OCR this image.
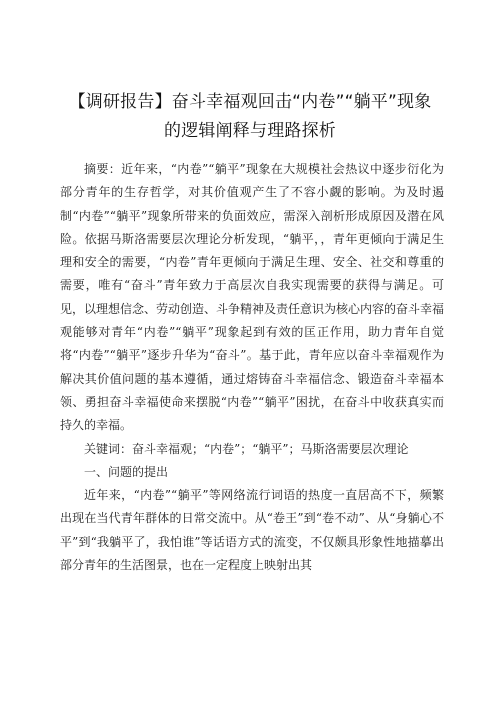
【调研报告】奋斗幸福观回击“内卷”“躺平”现象
的逻辑阐释与理路探析

摘要：近年来，“内卷”“躺平”现象在大规模社会热议中逐步衍化为部分青年的生存哲学，对其价值观产生了不容小觑的影响。为及时遏制“内卷”“躺平”现象所带来的负面效应，需深入剖析形成原因及潜在风险。依据马斯洛需要层次理论分析发现，“躺平，，青年更倾向于满足生理和安全的需要，“内卷”青年更倾向于满足生理、安全、社交和尊重的需要，唯有“奋斗”青年致力于高层次自我实现需要的获得与满足。可见，以理想信念、劳动创造、斗争精神及责任意识为核心内容的奋斗幸福观能够对青年“内卷”“躺平”现象起到有效的匡正作用，助力青年自觉将“内卷”“躺平”逐步升华为“奋斗”。基于此，青年应以奋斗幸福观作为解决其价值问题的基本遵循，通过熔铸奋斗幸福信念、锻造奋斗幸福本领、勇担奋斗幸福使命来摆脱“内卷”“躺平”困扰，在奋斗中收获真实而持久的幸福。

关键词：奋斗幸福观；“内卷”；“躺平”；马斯洛需要层次理论

一、问题的提出

近年来，“内卷”“躺平”等网络流行词语的热度一直居高不下，频繁出现在当代青年群体的日常交流中。从“卷王”到“卷不动”、从“身躺心不平”到“我躺平了，我怕谁”等话语方式的流变，不仅颇具形象性地描摹出部分青年的生活图景，也在一定程度上映射出其
